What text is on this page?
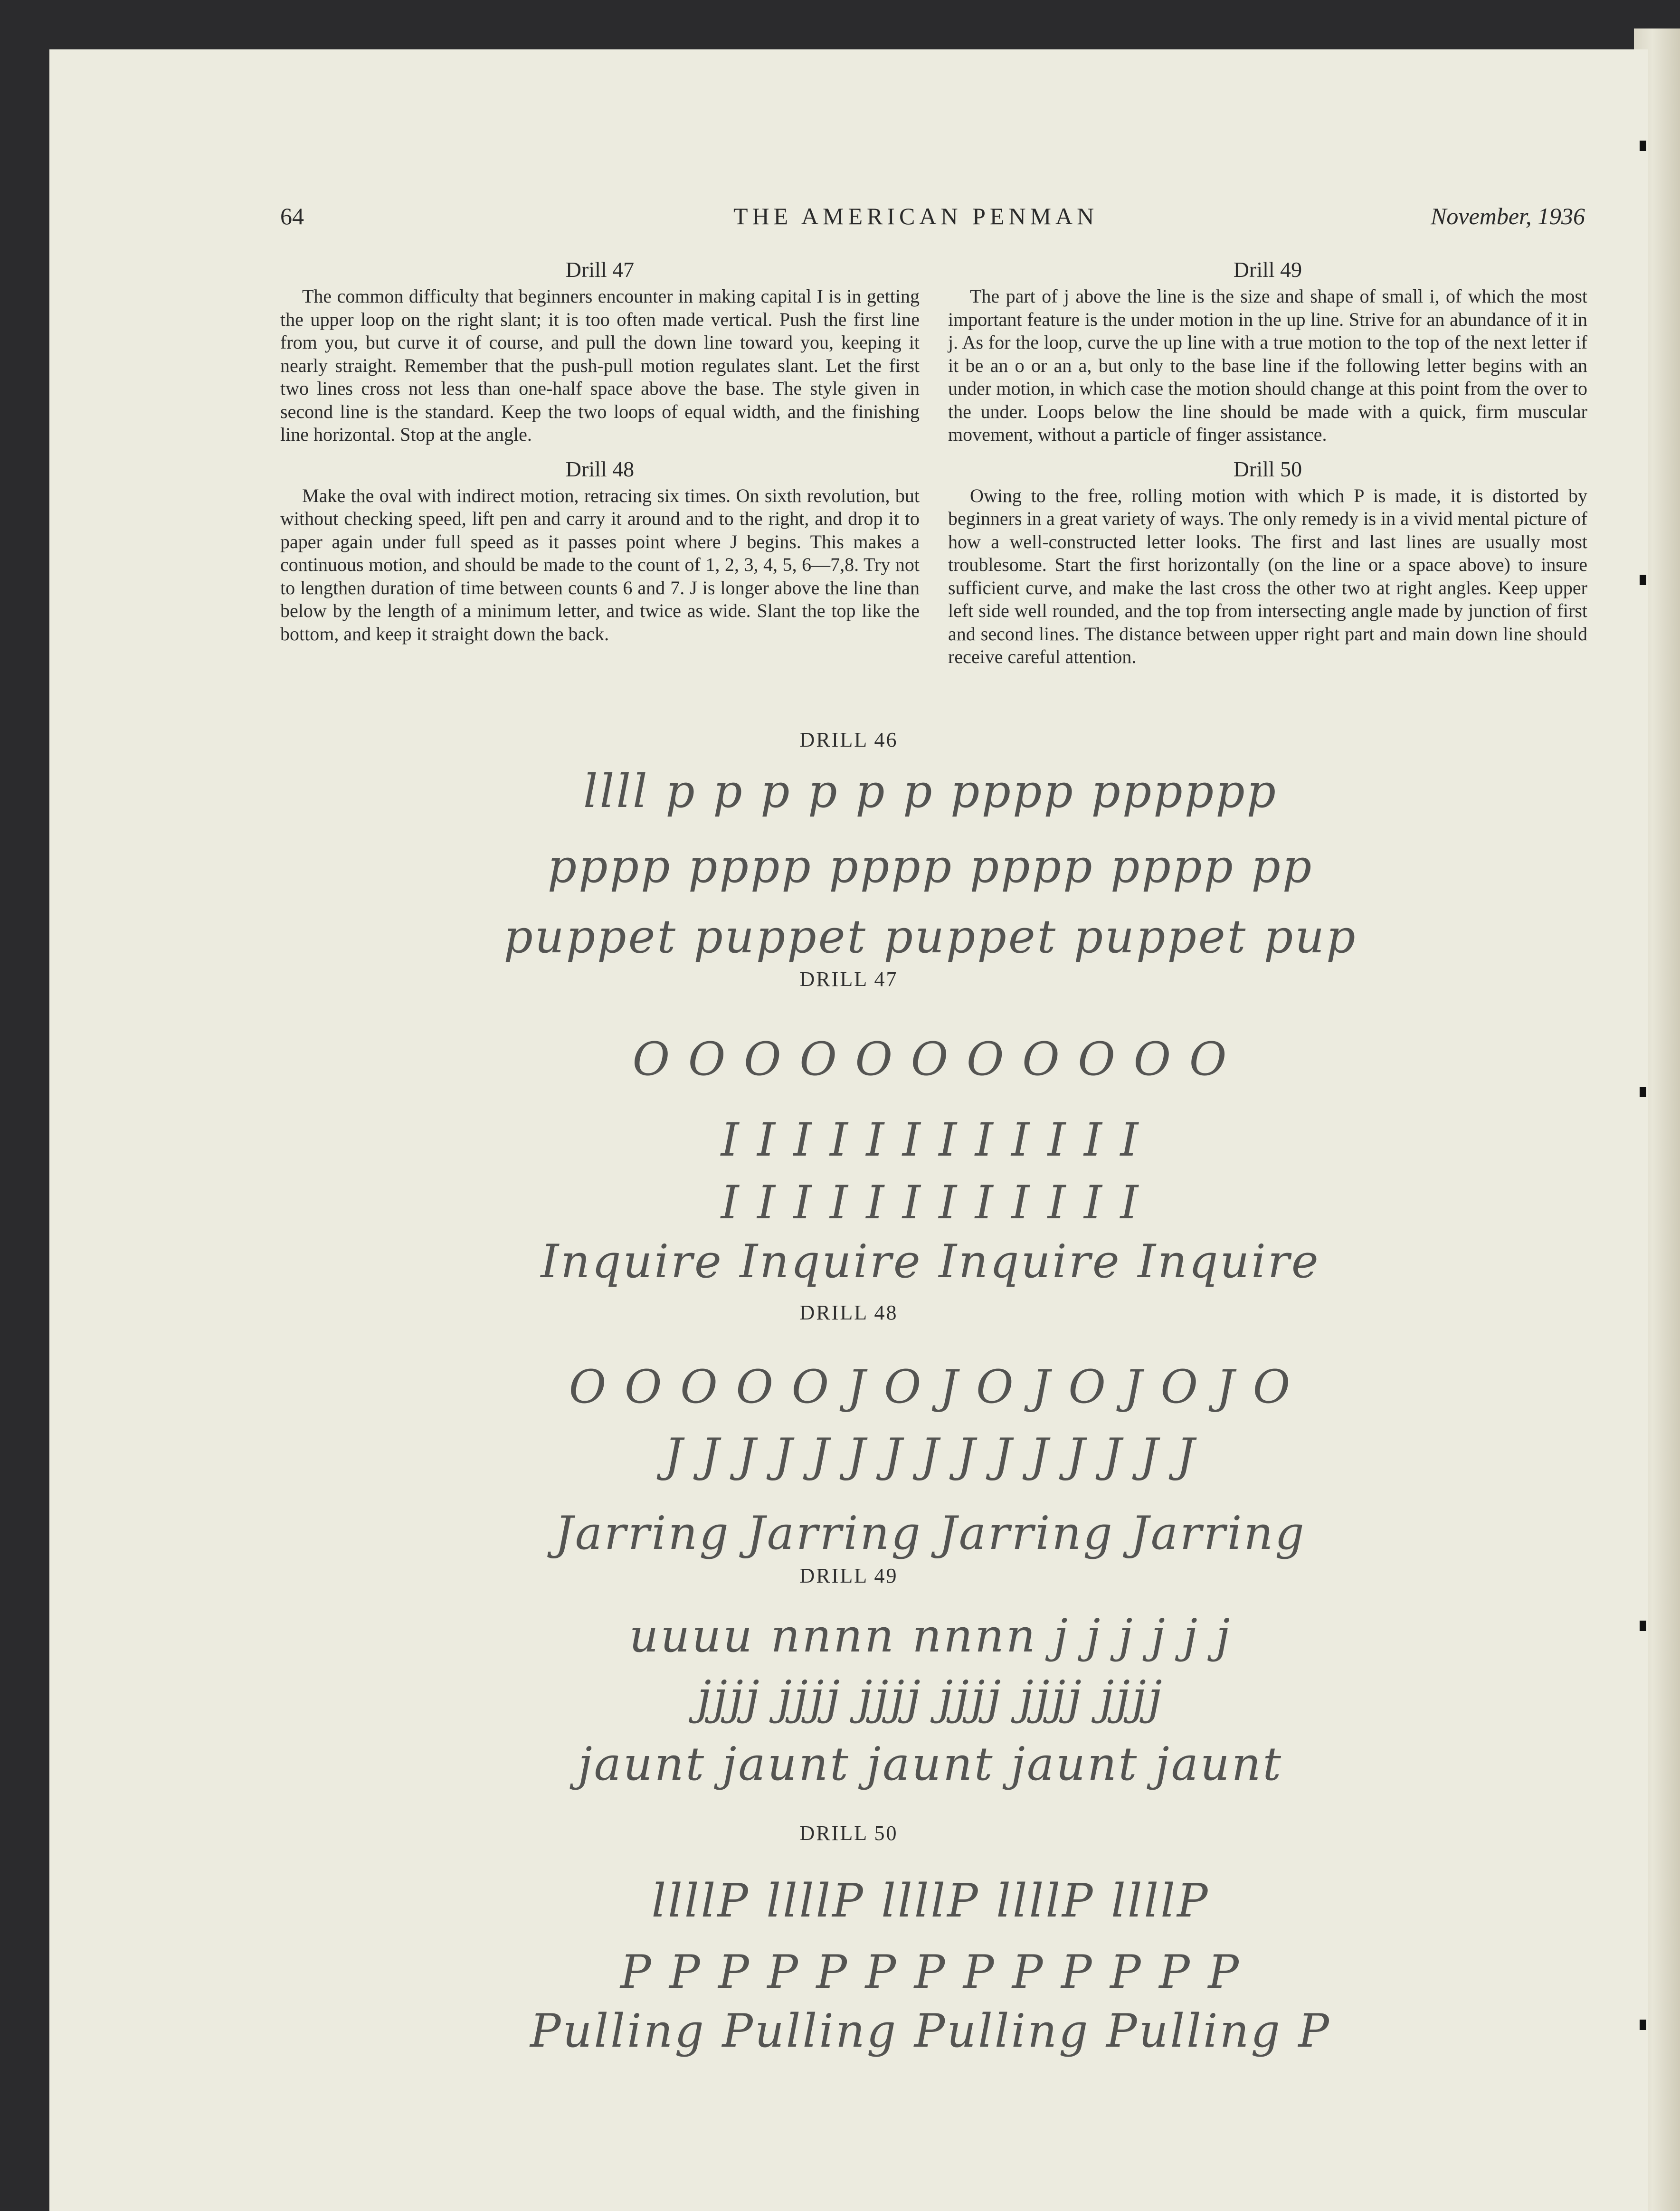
64	THE AMERICAN PENMAN	November, 1936
Drill 47

The common difficulty that beginners encounter in making capital I is in getting the upper loop on the right slant; it is too often made vertical. Push the first line from you, but curve it of course, and pull the down line toward you, keeping it nearly straight. Remember that the push-pull motion regulates slant. Let the first two lines cross not less than one-half space above the base. The style given in second line is the standard. Keep the two loops of equal width, and the finishing line horizontal. Stop at the angle.

Drill 48

Make the oval with indirect motion, retracing six times. On sixth revolution, but without checking speed, lift pen and carry it around and to the right, and drop it to paper again under full speed as it passes point where J begins. This makes a continuous motion, and should be made to the count of 1, 2, 3, 4, 5, 6—7,8. Try not to lengthen duration of time between counts 6 and 7. J is longer above the line than below by the length of a minimum letter, and twice as wide. Slant the top like the bottom, and keep it straight down the back.

Drill 49

The part of j above the line is the size and shape of small i, of which the most important feature is the under motion in the up line. Strive for an abundance of it in j. As for the loop, curve the up line with a true motion to the top of the next letter if it be an o or an a, but only to the base line if the following letter begins with an under motion, in which case the motion should change at this point from the over to the under. Loops below the line should be made with a quick, firm muscular movement, without a particle of finger assistance.

Drill 50

Owing to the free, rolling motion with which P is made, it is distorted by beginners in a great variety of ways. The only remedy is in a vivid mental picture of how a well-constructed letter looks. The first and last lines are usually most troublesome. Start the first horizontally (on the line or a space above) to insure sufficient curve, and make the last cross the other two at right angles. Keep upper left side well rounded, and the top from intersecting angle made by junction of first and second lines. The distance between upper right part and main down line should receive careful attention.

DRILL 46
llll p p p p p p pppp pppppp
pppp pppp pppp pppp pppp pp
puppet puppet puppet puppet pup
DRILL 47
O O O O O O O O O O O
I I I I I I I I I I I I
I I I I I I I I I I I I
Inquire Inquire Inquire Inquire
DRILL 48
O O O O O J O J O J O J O J O
J J J J J J J J J J J J J J J
Jarring Jarring Jarring Jarring
DRILL 49
uuuu nnnn nnnn j j j j j j
jjjj jjjj jjjj jjjj jjjj jjjj
jaunt jaunt jaunt jaunt jaunt
DRILL 50
llllP llllP llllP llllP llllP
P P P P P P P P P P P P P
Pulling Pulling Pulling Pulling P
